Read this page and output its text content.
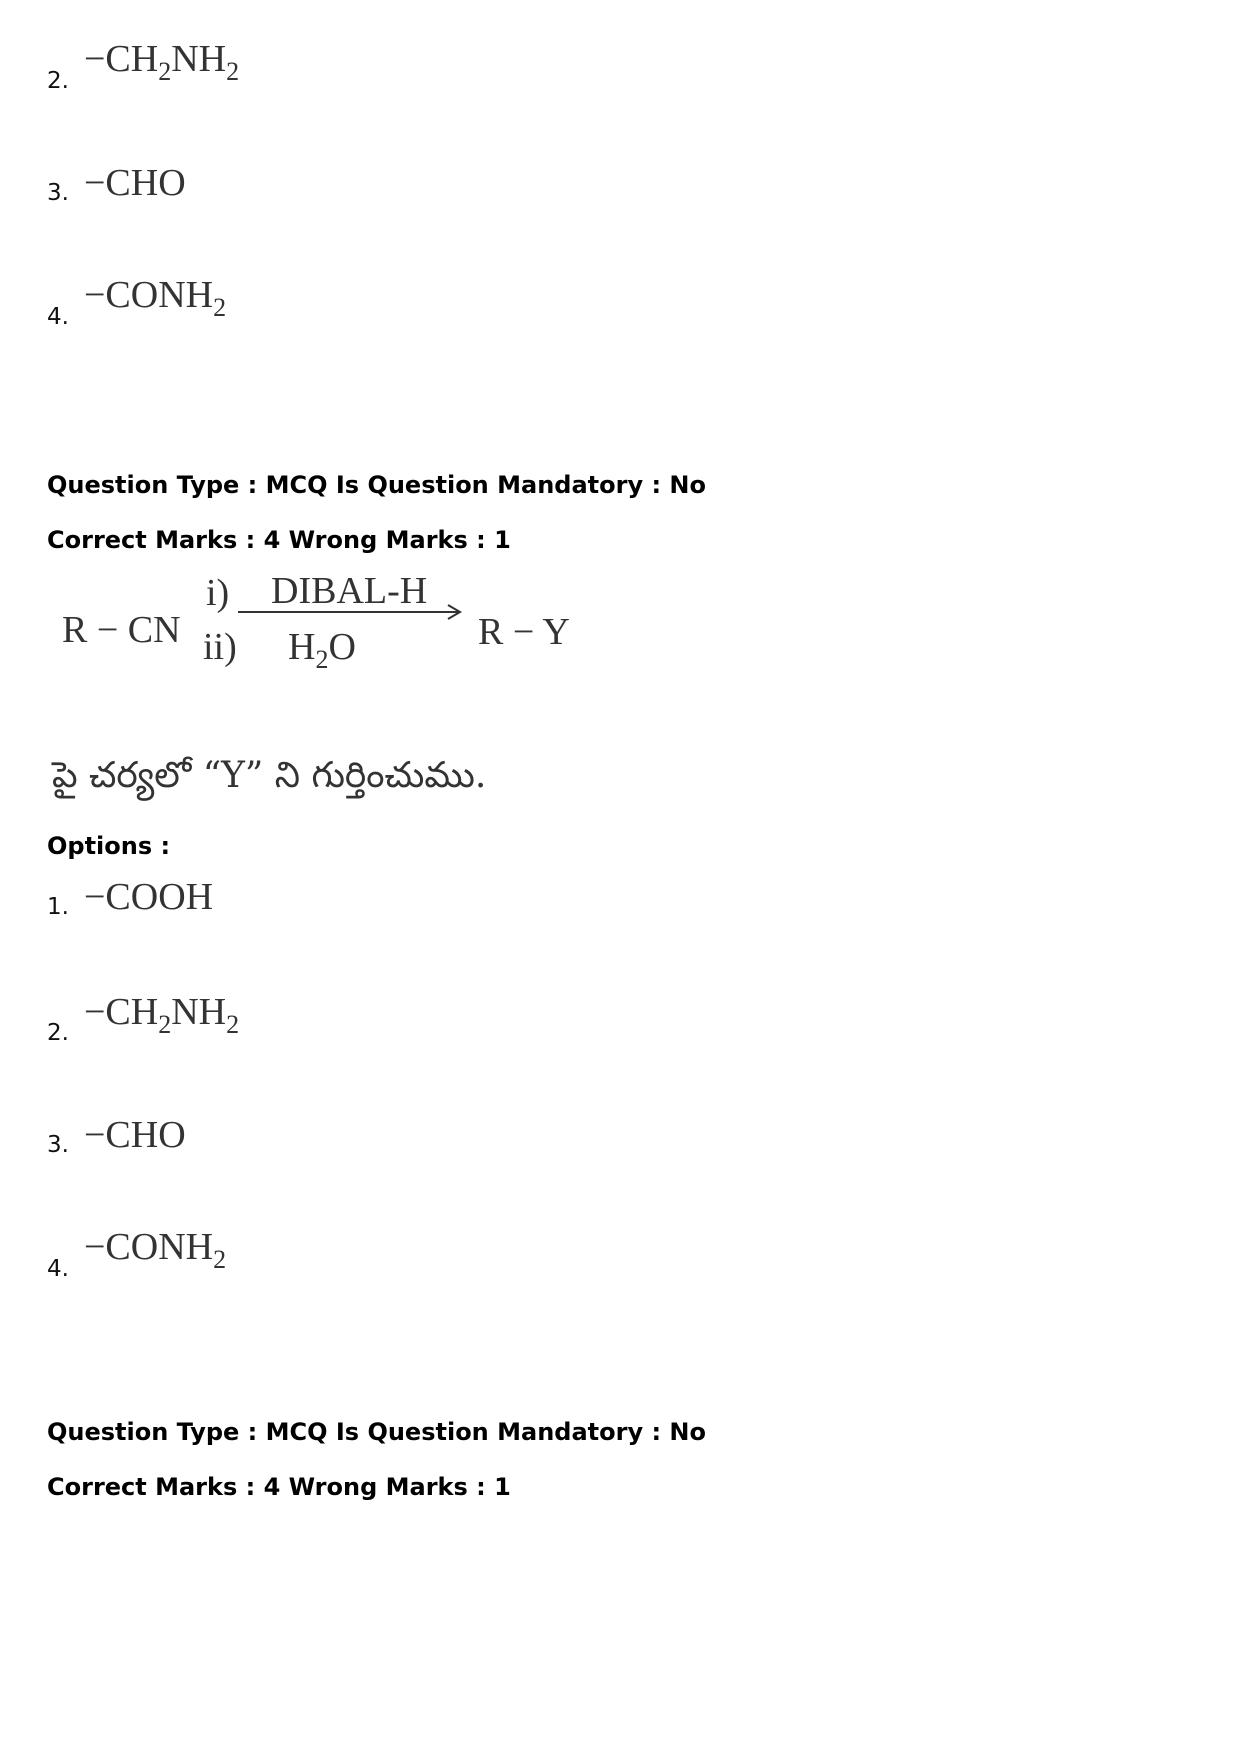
2.
$-CH_2NH_2$
3. −CHO
4.
$-CONH_2$
Question Type : MCQ Is Question Mandatory : No
Correct Marks : 4 Wrong Marks : 1
R − CN
i)
ii)
DIBAL-H
$H_2O$	R − Y
పై చర్యలో “Y” ని గుర్తించుము.
Options :
1. −COOH
2. $-CH_2NH_2$
3. −CHO
4.
$-CONH_2$
Question Type : MCQ Is Question Mandatory : No
Correct Marks : 4 Wrong Marks : 1
